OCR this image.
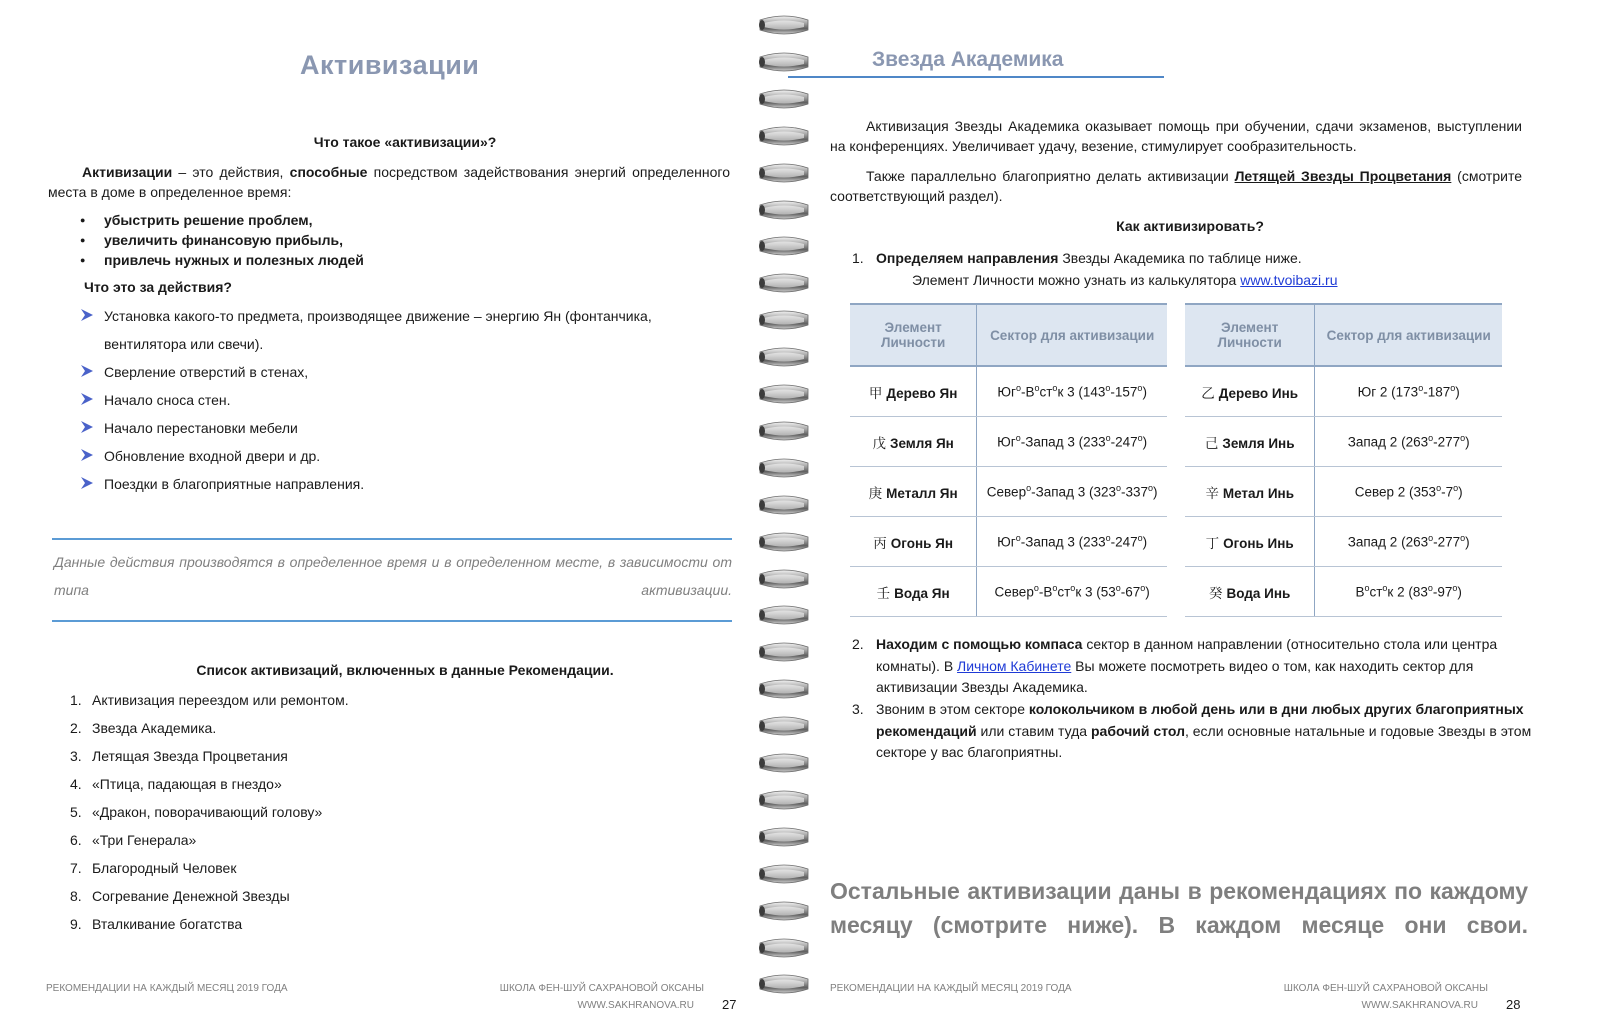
Активизации
Что такое «активизации»?
Активизации – это действия, способные посредством задействования энергий определенного места в доме в определенное время:
● убыстрить решение проблем,
● увеличить финансовую прибыль,
● привлечь нужных и полезных людей
Что это за действия?
Установка какого-то предмета, производящее движение – энергию Ян (фонтанчика,
вентилятора или свечи).
Сверление отверстий в стенах,
Начало сноса стен.
Начало перестановки мебели
Обновление входной двери и др.
Поездки в благоприятные направления.
Данные действия производятся в определенное время и в определенном месте, в зависимости от типа активизации.
Список активизаций, включенных в данные Рекомендации.
1. Активизация переездом или ремонтом.
2. Звезда Академика.
3. Летящая Звезда Процветания
4. «Птица, падающая в гнездо»
5. «Дракон, поворачивающий голову»
6. «Три Генерала»
7. Благородный Человек
8. Согревание Денежной Звезды
9. Вталкивание богатства
РЕКОМЕНДАЦИИ НА КАЖДЫЙ МЕСЯЦ 2019 ГОДА	ШКОЛА ФЕН-ШУЙ САХРАНОВОЙ ОКСАНЫ
WWW.SAKHRANOVA.RU 27
Звезда Академика
Активизация Звезды Академика оказывает помощь при обучении, сдачи экзаменов, выступлении на конференциях. Увеличивает удачу, везение, стимулирует сообразительность.
Также параллельно благоприятно делать активизации Летящей Звезды Процветания (смотрите соответствующий раздел).
Как активизировать?
1. Определяем направления Звезды Академика по таблице ниже.
Элемент Личности можно узнать из калькулятора www.tvoibazi.ru
Элемент Личности	Сектор для активизации
甲 Дерево Ян	$Юг^o-В^oст^oк$ 3 (143$^o$-157$^o$)
戊 Земля Ян	$Юг^o$-Запад 3 (233$^o$-247$^o$)
庚 Металл Ян	Север$^o$-Запад 3 (323$^o$-337$^o$)
丙 Огонь Ян	$Юг^o$-Запад 3 (233$^o$-247$^o$)
壬 Вода Ян	$Север^o-В^oст^oк$ 3 (53$^o$-67$^o$)
Элемент Личности	Сектор для активизации
乙 Дерево Инь	Юг 2 (173$^o$-187$^o$)
己 Земля Инь	Запад 2 (263$^o$-277$^o$)
辛 Метал Инь	Север 2 (353$^o$-7$^o$)
丁 Огонь Инь	Запад 2 (263$^o$-277$^o$)
癸 Вода Инь	$В^oст^oк$ 2 (83$^o$-97$^o$)
2. Находим с помощью компаса сектор в данном направлении (относительно стола или центра комнаты). В Личном Кабинете Вы можете посмотреть видео о том, как находить сектор для активизации Звезды Академика.
3. Звоним в этом секторе колокольчиком в любой день или в дни любых других благоприятных рекомендаций или ставим туда рабочий стол, если основные натальные и годовые Звезды в этом секторе у вас благоприятны.
Остальные активизации даны в рекомендациях по каждому месяцу (смотрите ниже). В каждом месяце они свои.
РЕКОМЕНДАЦИИ НА КАЖДЫЙ МЕСЯЦ 2019 ГОДА	ШКОЛА ФЕН-ШУЙ САХРАНОВОЙ ОКСАНЫ
WWW.SAKHRANOVA.RU 28
